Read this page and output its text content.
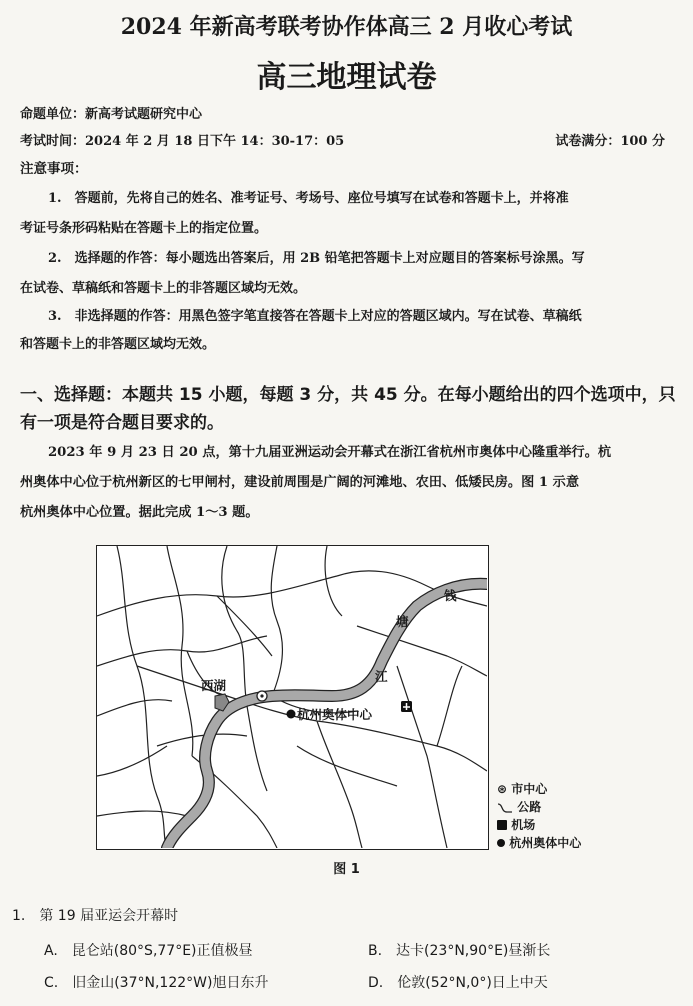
2024 年新高考联考协作体高三 2 月收心考试
高三地理试卷
命题单位：新高考试题研究中心
考试时间：2024 年 2 月 18 日下午 14：30-17：05	试卷满分：100 分
注意事项：
1.　答题前，先将自己的姓名、准考证号、考场号、座位号填写在试卷和答题卡上，并将准
考证号条形码粘贴在答题卡上的指定位置。
2.　选择题的作答：每小题选出答案后，用 2B 铅笔把答题卡上对应题目的答案标号涂黑。写
在试卷、草稿纸和答题卡上的非答题区域均无效。
3.　非选择题的作答：用黑色签字笔直接答在答题卡上对应的答题区域内。写在试卷、草稿纸
和答题卡上的非答题区域均无效。
一、选择题：本题共 15 小题，每题 3 分，共 45 分。在每小题给出的四个选项中，只
有一项是符合题目要求的。
2023 年 9 月 23 日 20 点，第十九届亚洲运动会开幕式在浙江省杭州市奥体中心隆重举行。杭
州奥体中心位于杭州新区的七甲闸村，建设前周围是广阔的河滩地、农田、低矮民房。图 1 示意
杭州奥体中心位置。据此完成 1～3 题。
西湖
杭州奥体中心
钱
塘
江
⊛ 市中心
公路
机场
杭州奥体中心
图 1
1.　第 19 届亚运会开幕时
A.　昆仑站(80°S,77°E)正值极昼	B.　达卡(23°N,90°E)昼渐长
C.　旧金山(37°N,122°W)旭日东升	D.　伦敦(52°N,0°)日上中天
